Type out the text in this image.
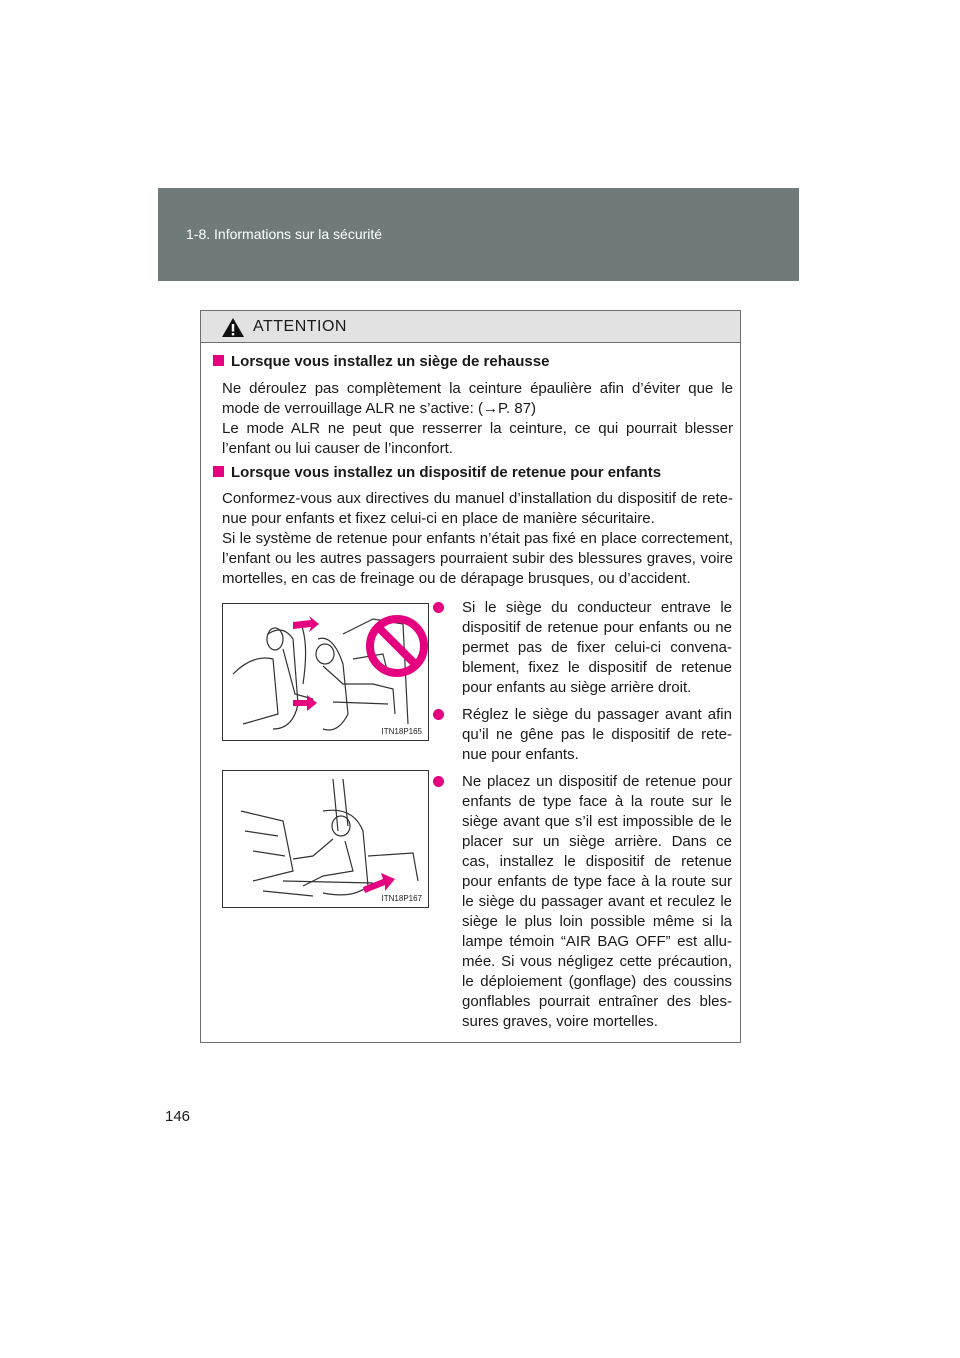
1-8. Informations sur la sécurité
ATTENTION
Lorsque vous installez un siège de rehausse
Ne déroulez pas complètement la ceinture épaulière afin d’éviter que le
mode de verrouillage ALR ne s’active: (→P. 87)
Le mode ALR ne peut que resserrer la ceinture, ce qui pourrait blesser
l’enfant ou lui causer de l’inconfort.
Lorsque vous installez un dispositif de retenue pour enfants
Conformez-vous aux directives du manuel d’installation du dispositif de rete-
nue pour enfants et fixez celui-ci en place de manière sécuritaire.
Si le système de retenue pour enfants n’était pas fixé en place correctement,
l’enfant ou les autres passagers pourraient subir des blessures graves, voire
mortelles, en cas de freinage ou de dérapage brusques, ou d’accident.
ITN18P165
ITN18P167
Si le siège du conducteur entrave le
dispositif de retenue pour enfants ou ne
permet pas de fixer celui-ci convena-
blement, fixez le dispositif de retenue
pour enfants au siège arrière droit.
Réglez le siège du passager avant afin
qu’il ne gêne pas le dispositif de rete-
nue pour enfants.
Ne placez un dispositif de retenue pour
enfants de type face à la route sur le
siège avant que s’il est impossible de le
placer sur un siège arrière. Dans ce
cas, installez le dispositif de retenue
pour enfants de type face à la route sur
le siège du passager avant et reculez le
siège le plus loin possible même si la
lampe témoin “AIR BAG OFF” est allu-
mée. Si vous négligez cette précaution,
le déploiement (gonflage) des coussins
gonflables pourrait entraîner des bles-
sures graves, voire mortelles.
146
